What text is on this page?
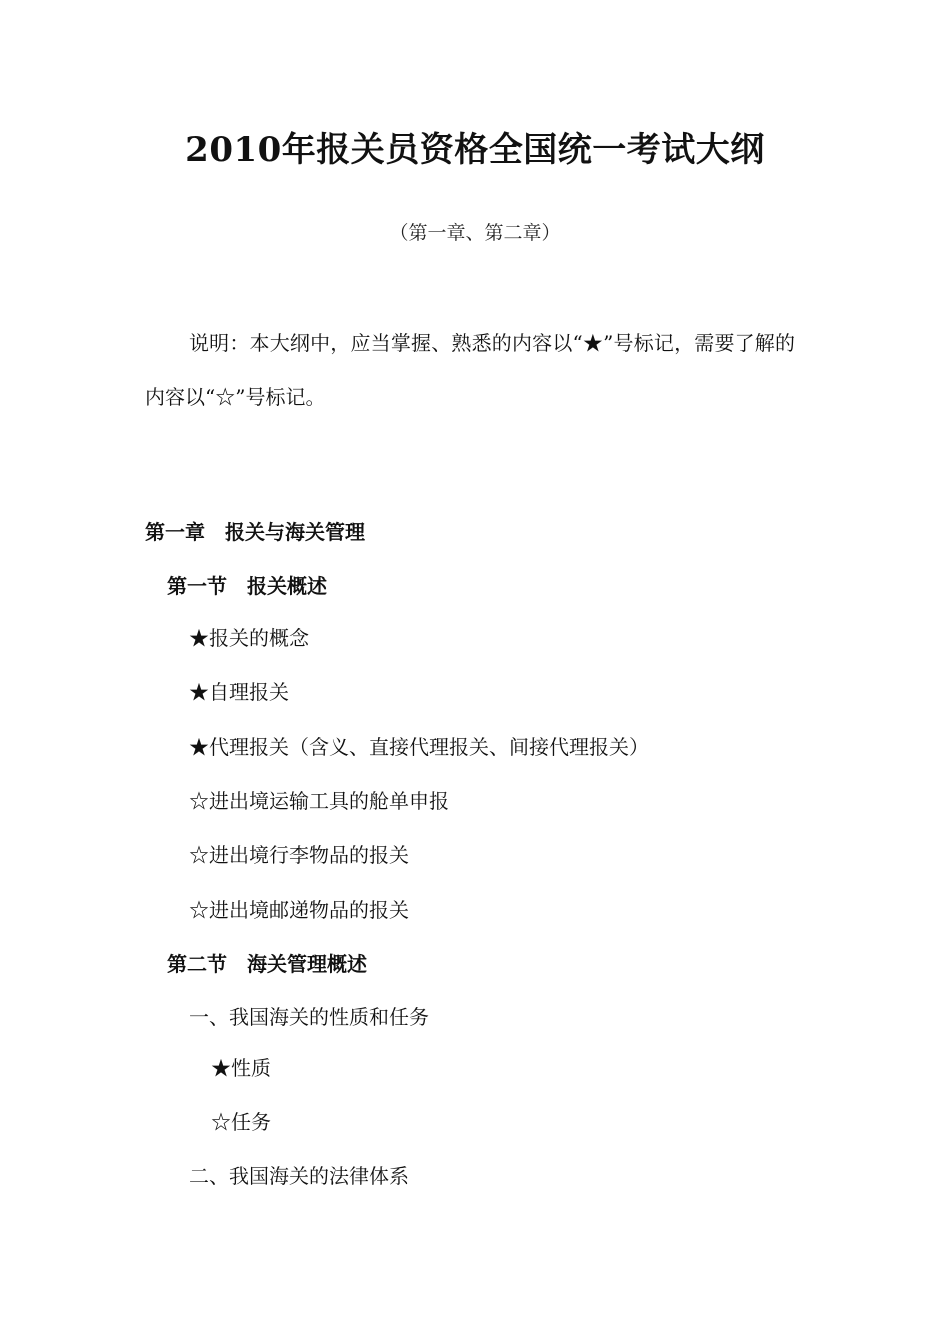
2010年报关员资格全国统一考试大纲
（第一章、第二章）
说明：本大纲中，应当掌握、熟悉的内容以“★”号标记，需要了解的内容以“☆”号标记。
第一章　报关与海关管理
第一节　报关概述
★报关的概念
★自理报关
★代理报关（含义、直接代理报关、间接代理报关）
☆进出境运输工具的舱单申报
☆进出境行李物品的报关
☆进出境邮递物品的报关
第二节　海关管理概述
一、我国海关的性质和任务
★性质
☆任务
二、我国海关的法律体系
